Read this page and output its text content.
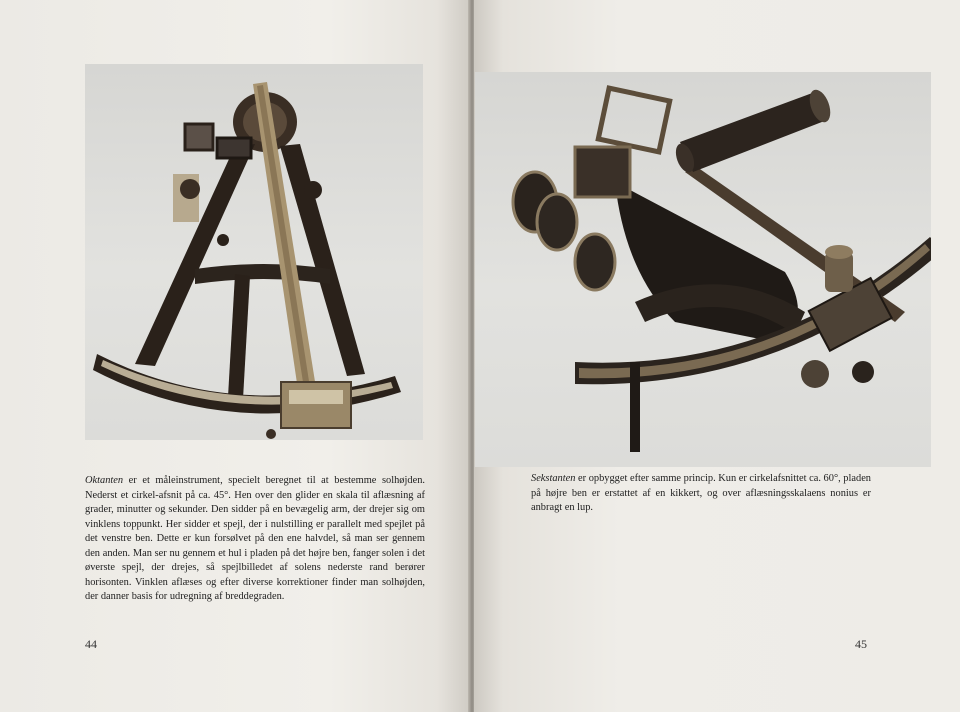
Oktanten er et måleinstrument, specielt beregnet til at bestemme solhøjden. Nederst et cirkel-afsnit på ca. 45°. Hen over den glider en skala til aflæsning af grader, minutter og sekunder. Den sidder på en bevægelig arm, der drejer sig om vinklens toppunkt. Her sidder et spejl, der i nulstilling er parallelt med spejlet på det venstre ben. Dette er kun forsølvet på den ene halvdel, så man ser gennem den anden. Man ser nu gennem et hul i pladen på det højre ben, fanger solen i det øverste spejl, der drejes, så spejlbilledet af solens nederste rand berører horisonten. Vinklen aflæses og efter diverse korrektioner finder man solhøjden, der danner basis for udregning af breddegraden.

44

Sekstanten er opbygget efter samme princip. Kun er cirkelafsnittet ca. 60°, pladen på højre ben er erstattet af en kikkert, og over aflæsningsskalaens nonius er anbragt en lup.

45
